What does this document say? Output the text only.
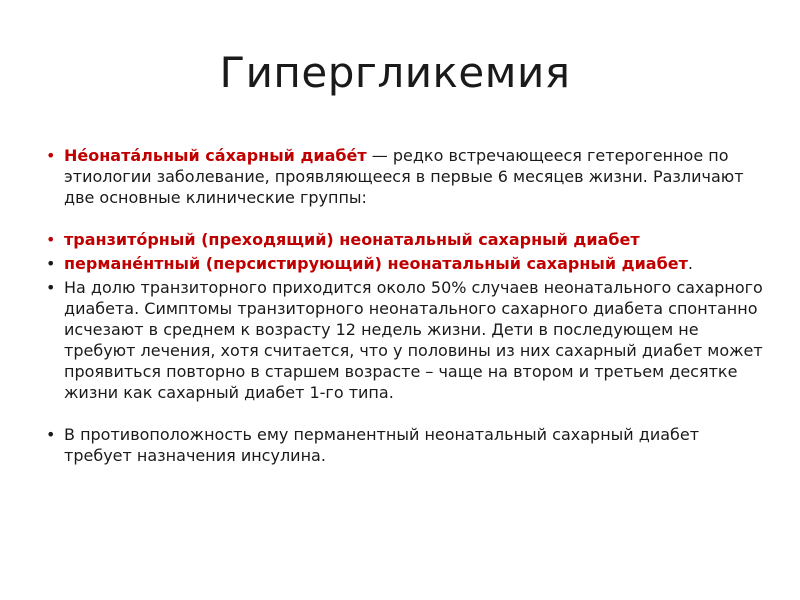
Гипергликемия

• Нéонатáльный сáхарный диабéт — редко встречающееся гетерогенное по этиологии заболевание, проявляющееся в первые 6 месяцев жизни. Различают две основные клинические группы:

• транзитóрный (преходящий) неонатальный сахарный диабет

• перманéнтный (персистирующий) неонатальный сахарный диабет.

• На долю транзиторного приходится около 50% случаев неонатального сахарного диабета. Симптомы транзиторного неонатального сахарного диабета спонтанно исчезают в среднем к возрасту 12 недель жизни. Дети в последующем не требуют лечения, хотя считается, что у половины из них сахарный диабет может проявиться повторно в старшем возрасте – чаще на втором и третьем десятке жизни как сахарный диабет 1-го типа.

• В противоположность ему перманентный неонатальный сахарный диабет требует назначения инсулина.
